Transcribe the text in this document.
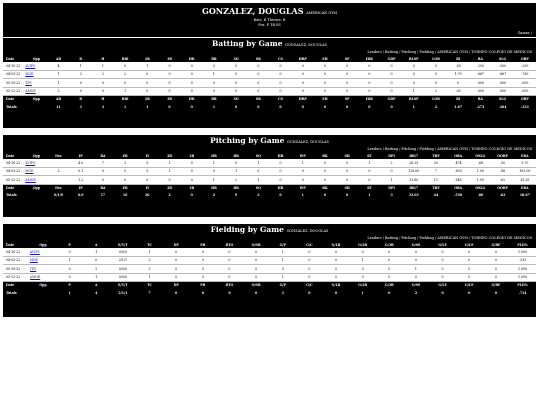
GONZALEZ, DOUGLAS AMERICAN GYM
Bats: R Throws: R
Pos: P 1B SS
Games /
Batting by Game GONZALEZ, DOUGLAS
Leaders /Batting /Pitching /Fielding /AMERICAN GYM /TORNEO COLEGIO DE MEDICOS
Date	Opp	AB	R	H	RBI	2B	3B	HR	BB	SO	SB	CS	HBP	SH	SF	IBB	GDP	RLSP	LOB	BI	BA	SLG	OBP
04-10-22	AVIPS	4	1	1	0	1	0	0	0	0	0	0	0	0	0	0	0	0	0	.50	.250	.500	.250
04-03-22	MOE	1	2	2	2	0	0	0	1	0	0	0	0	0	0	0	0	0	0	1.70	.667	.667	.750
05-29-22	TPS	1	0	0	0	0	0	0	0	0	0	0	0	0	0	0	0	0	0	0	.000	.000	.000
05-22-22	AMOE	3	0	0	1	0	0	0	0	0	0	0	0	0	0	0	0	1	2	.00	.000	.000	.000
Date	Opp	AB	R	H	RBI	2B	3B	HR	BB	SO	SB	CS	HBP	SH	SF	IBB	GDP	RLSP	LOB	BI	BA	SLG	OBP
Totals		11	3	3	1	1	0	0	1	0	0	0	0	0	0	0	0	1	2	1.67	.273	.364	.333
Pitching by Game GONZALEZ, DOUGLAS
Leaders /Batting /Pitching /Fielding /AMERICAN GYM /TORNEO COLEGIO DE MEDICOS
Date	Opp	Dec	IP	BA	ER	H	2B	3B	HR	BB	SO	HB	WP	BK	SH	SF	DPI	BB/7	TBF	OBA	OSLG	OOBP	ERA
04-10-22	AVIPS		4.0	7	3	9	1	0	1	0	1	0	1	0	0	1	2	26.25	20	.474	.68	.50	9.75
04-03-22	MOE	L	0.1	0	5	5	1	0	0	1	0	0	0	0	0	0	0	126.00	7	.833	1.00	.86	105.00
05-22-22	AMOE		1.2	0	0	0	0	0	1	2	1	0	0	0	0	0	1	33.60	11	.545	1.09	.62	35.35
Date	Opp	Dec	IP	BA	ER	H	2B	3B	HR	BB	SO	HB	WP	BK	SH	SF	DPI	BB/7	TBF	OBA	OSLG	OOBP	ERA
Totals		0/1/0	6.0	17	16	20	2	0	2	9	2	0	1	0	0	1	3	33.03	44	.556	.80	.63	18.67
Fielding by Game GONZALEZ, DOUGLAS
Leaders /Batting /Pitching /Fielding /AMERICAN GYM /TORNEO COLEGIO DE MEDICOS
Date	Opp	P	A	E/T/T	TC	DP	PB	RTO	O/SB	G/P	G/C	G/1B	G/2B	G/3B	G/SS	G/LF	G/CF	G/RF	FLD%
04-10-22	AVIPS	0	1	0/0/0	1	0	0	0	0	1	0	0	0	0	0	0	0	0	1.000
04-03-22	MOE	1	0	2/1/1	3	0	0	0	0	1	0	0	1	0	0	0	0	0	.333
05-29-22	TPS	0	2	0/0/0	2	0	0	0	0	0	0	0	0	0	1	0	0	0	1.000
05-22-22	AMOE	0	1	0/0/0	1	0	0	0	0	1	0	0	0	0	0	0	0	0	1.000
Date	Opp	P	A	E/T/T	TC	DP	PB	RTO	O/SB	G/P	G/C	G/1B	G/2B	G/3B	G/SS	G/LF	G/CF	G/RF	FLD%
Totals		1	4	2/1/1	7	0	0	0	0	3	0	0	1	0	2	0	0	0	.714
